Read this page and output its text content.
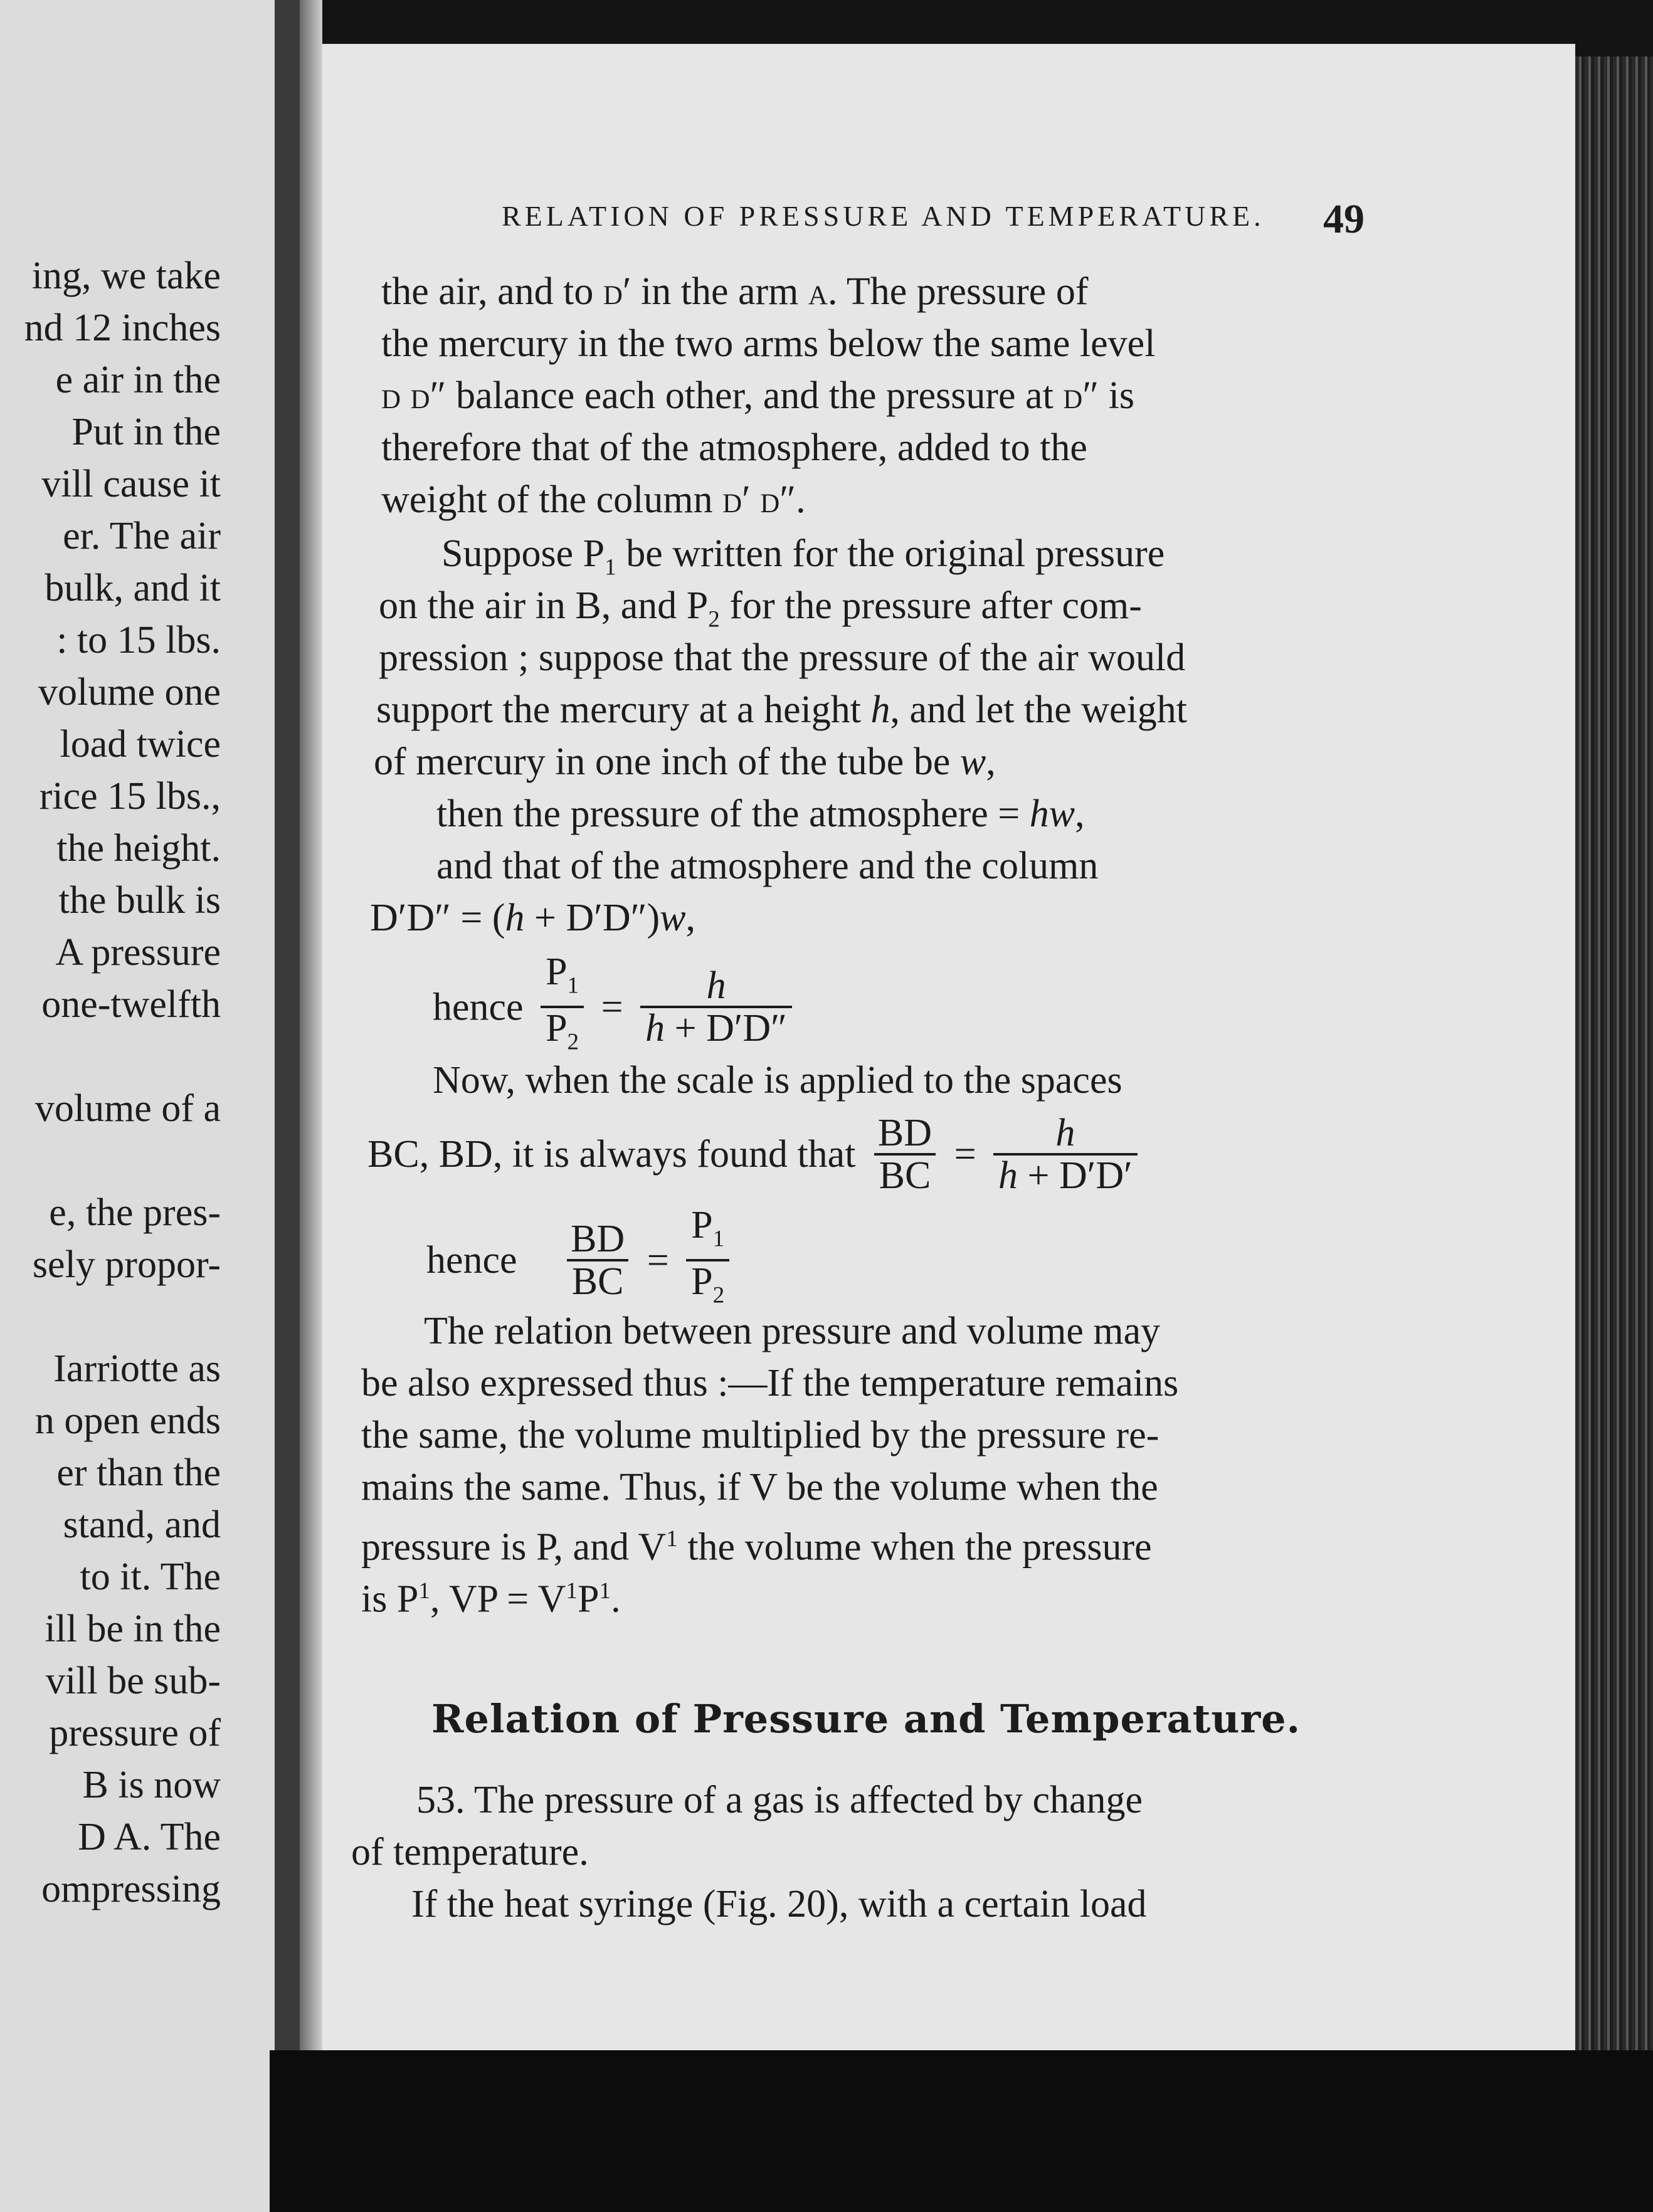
ing, we take
nd 12 inches
e air in the
Put in the
vill cause it
er. The air
bulk, and it
: to 15 lbs.
volume one
load twice
rice 15 lbs.,
the height.
the bulk is
A pressure
one-twelfth
volume of a
e, the pres-
sely propor-
Iarriotte as
n open ends
er than the
stand, and
to it. The
ill be in the
vill be sub-
pressure of
B is now
D A. The
ompressing
RELATION OF PRESSURE AND TEMPERATURE. 49
the air, and to d′ in the arm a. The pressure of
the mercury in the two arms below the same level
d d″ balance each other, and the pressure at d″ is
therefore that of the atmosphere, added to the
weight of the column d′ d″.
Suppose $P_1$ be written for the original pressure
on the air in B, and $P_2$ for the pressure after com-
pression ; suppose that the pressure of the air would
support the mercury at a height h, and let the weight
of mercury in one inch of the tube be w,
then the pressure of the atmosphere = hw,
and that of the atmosphere and the column
D′D″ = (h + D′D″)w,
hence $\frac{P_1}{P_2} = \frac{h}{h + D'D''}$
Now, when the scale is applied to the spaces
BC, BD, it is always found that $\frac{BD}{BC} = \frac{h}{h + D'D'}$
hence $\frac{BD}{BC} = \frac{P_1}{P_2}$
The relation between pressure and volume may
be also expressed thus :—If the temperature remains
the same, the volume multiplied by the pressure re-
mains the same. Thus, if V be the volume when the
pressure is P, and $V^1$ the volume when the pressure
is $P^1$, VP = $V^1P^1$.
Relation of Pressure and Temperature.
53. The pressure of a gas is affected by change
of temperature.
If the heat syringe (Fig. 20), with a certain load
